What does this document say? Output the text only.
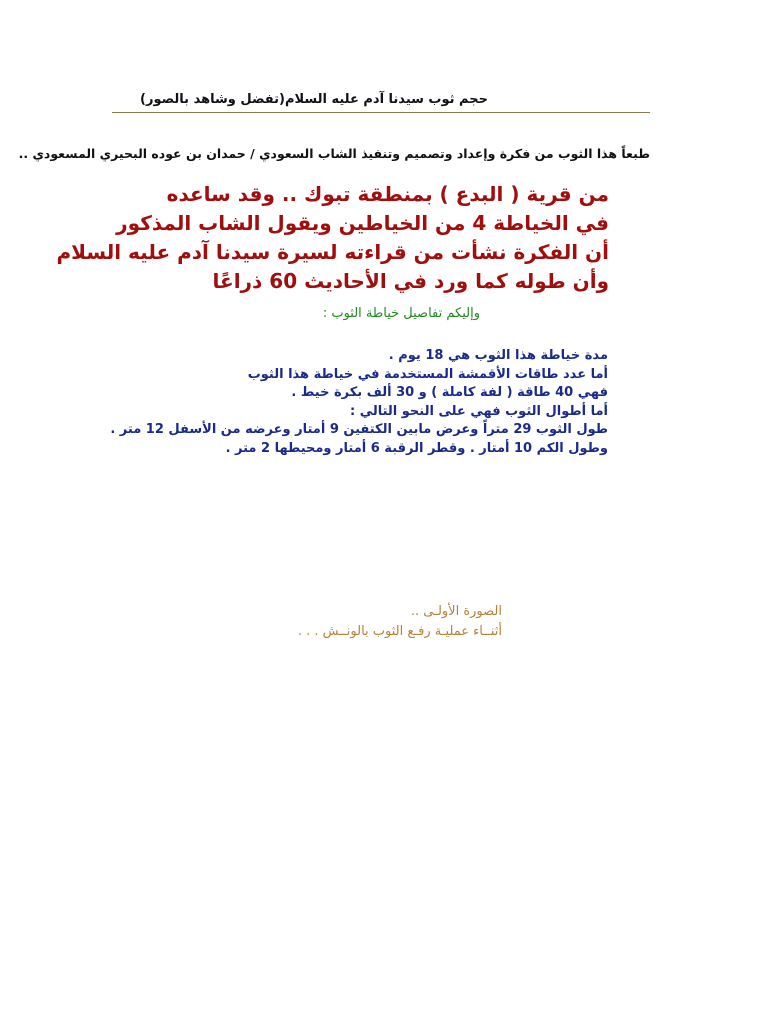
حجم ثوب سيدنا آدم عليه السلام(تفضل وشاهد بالصور)
طبعاً هذا الثوب من فكرة وإعداد وتصميم وتنفيذ الشاب السعودي / حمدان بن عوده البحيري المسعودي ..
من قرية ( البدع ) بمنطقة تبوك .. وقد ساعده
في الخياطة 4 من الخياطين ويقول الشاب المذكور
أن الفكرة نشأت من قراءته لسيرة سيدنا آدم عليه السلام
وأن طوله كما ورد في الأحاديث 60 ذراعًا
وإليكم تفاصيل خياطة الثوب :
مدة خياطة هذا الثوب هي 18 يوم .
أما عدد طاقات الأقمشة المستخدمة في خياطة هذا الثوب
فهي 40 طاقة ( لفة كاملة ) و 30 ألف بكرة خيط .
أما أطوال الثوب فهي على النحو التالي :
طول الثوب 29 متراً وعرض مابين الكتفين 9 أمتار وعرضه من الأسفل 12 متر .
وطول الكم 10 أمتار . وقطر الرقبة 6 أمتار ومحيطها 2 متر .
الصورة الأولـى ..
أثنــاء عمليـة رفـع الثوب بالونــش . . .
